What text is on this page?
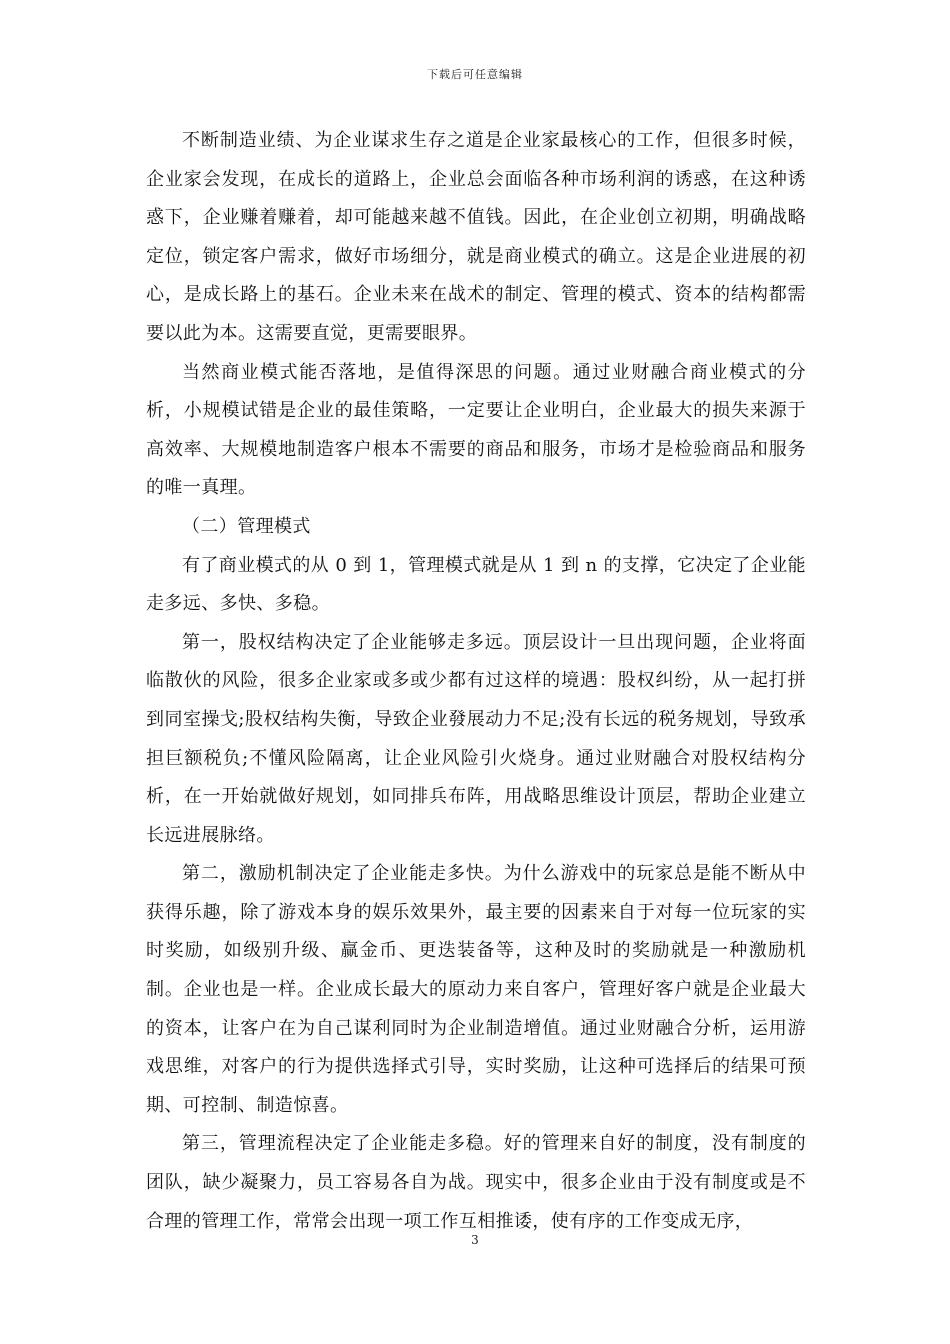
下载后可任意编辑

不断制造业绩、为企业谋求生存之道是企业家最核心的工作，但很多时候，企业家会发现，在成长的道路上，企业总会面临各种市场利润的诱惑，在这种诱惑下，企业赚着赚着，却可能越来越不值钱。因此，在企业创立初期，明确战略定位，锁定客户需求，做好市场细分，就是商业模式的确立。这是企业进展的初心，是成长路上的基石。企业未来在战术的制定、管理的模式、资本的结构都需要以此为本。这需要直觉，更需要眼界。

当然商业模式能否落地，是值得深思的问题。通过业财融合商业模式的分析，小规模试错是企业的最佳策略，一定要让企业明白，企业最大的损失来源于高效率、大规模地制造客户根本不需要的商品和服务，市场才是检验商品和服务的唯一真理。

（二）管理模式

有了商业模式的从 0 到 1，管理模式就是从 1 到 n 的支撑，它决定了企业能走多远、多快、多稳。

第一，股权结构决定了企业能够走多远。顶层设计一旦出现问题，企业将面临散伙的风险，很多企业家或多或少都有过这样的境遇：股权纠纷，从一起打拼到同室操戈;股权结构失衡，导致企业發展动力不足;没有长远的税务规划，导致承担巨额税负;不懂风险隔离，让企业风险引火烧身。通过业财融合对股权结构分析，在一开始就做好规划，如同排兵布阵，用战略思维设计顶层，帮助企业建立长远进展脉络。

第二，激励机制决定了企业能走多快。为什么游戏中的玩家总是能不断从中获得乐趣，除了游戏本身的娱乐效果外，最主要的因素来自于对每一位玩家的实时奖励，如级别升级、赢金币、更迭装备等，这种及时的奖励就是一种激励机制。企业也是一样。企业成长最大的原动力来自客户，管理好客户就是企业最大的资本，让客户在为自己谋利同时为企业制造增值。通过业财融合分析，运用游戏思维，对客户的行为提供选择式引导，实时奖励，让这种可选择后的结果可预期、可控制、制造惊喜。

第三，管理流程决定了企业能走多稳。好的管理来自好的制度，没有制度的团队，缺少凝聚力，员工容易各自为战。现实中，很多企业由于没有制度或是不合理的管理工作，常常会出现一项工作互相推诿，使有序的工作变成无序，

3
